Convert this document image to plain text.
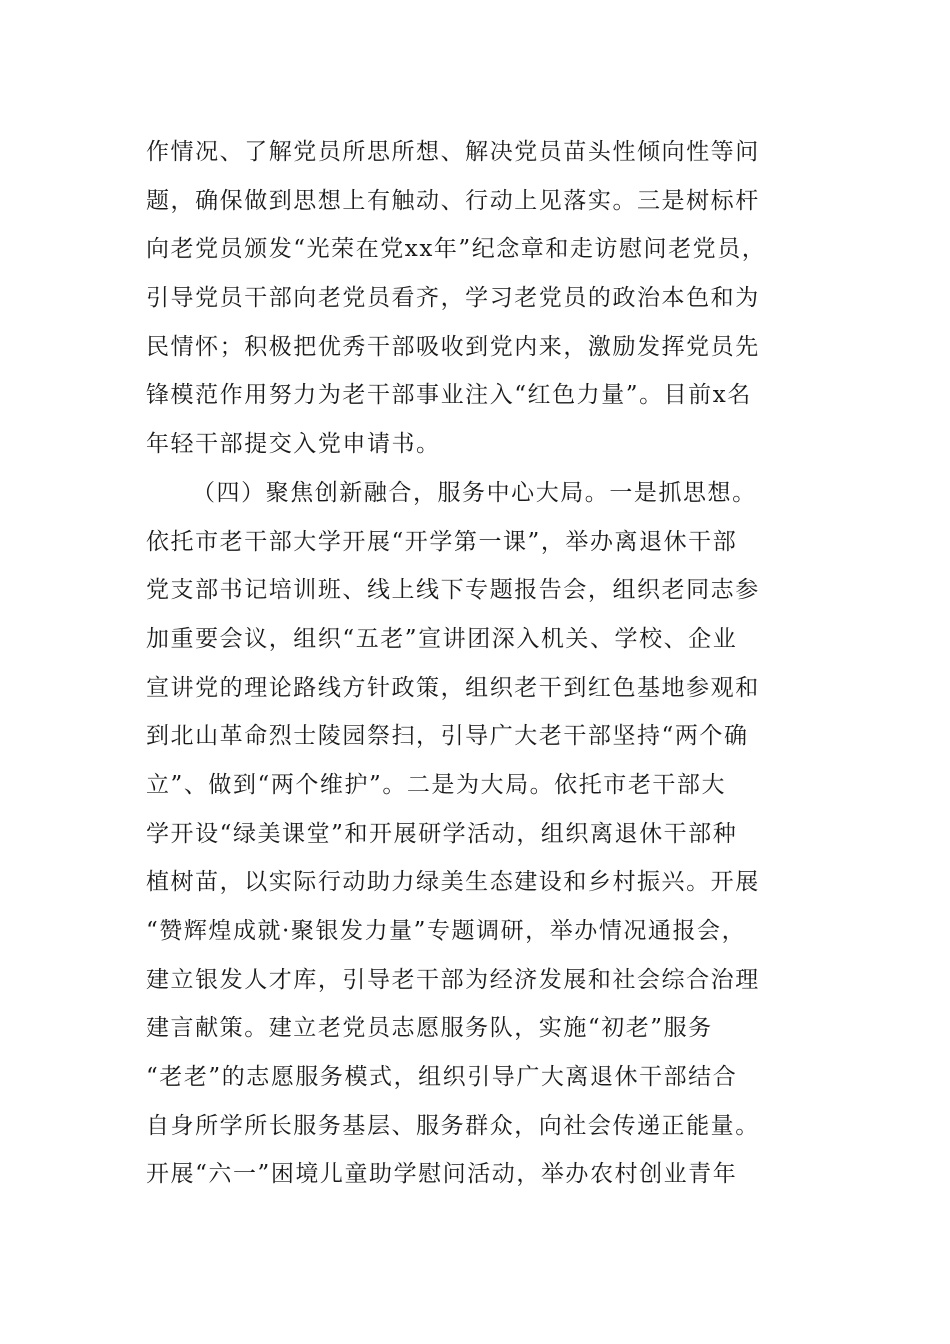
作情况、了解党员所思所想、解决党员苗头性倾向性等问
题，确保做到思想上有触动、行动上见落实。三是树标杆
向老党员颁发“光荣在党xx年”纪念章和走访慰问老党员，
引导党员干部向老党员看齐，学习老党员的政治本色和为
民情怀；积极把优秀干部吸收到党内来，激励发挥党员先
锋模范作用努力为老干部事业注入“红色力量”。目前x名
年轻干部提交入党申请书。
（四）聚焦创新融合，服务中心大局。一是抓思想。
依托市老干部大学开展“开学第一课”，举办离退休干部
党支部书记培训班、线上线下专题报告会，组织老同志参
加重要会议，组织“五老”宣讲团深入机关、学校、企业
宣讲党的理论路线方针政策，组织老干到红色基地参观和
到北山革命烈士陵园祭扫，引导广大老干部坚持“两个确
立”、做到“两个维护”。二是为大局。依托市老干部大
学开设“绿美课堂”和开展研学活动，组织离退休干部种
植树苗，以实际行动助力绿美生态建设和乡村振兴。开展
“赞辉煌成就·聚银发力量”专题调研，举办情况通报会，
建立银发人才库，引导老干部为经济发展和社会综合治理
建言献策。建立老党员志愿服务队，实施“初老”服务
“老老”的志愿服务模式，组织引导广大离退休干部结合
自身所学所长服务基层、服务群众，向社会传递正能量。
开展“六一”困境儿童助学慰问活动，举办农村创业青年
